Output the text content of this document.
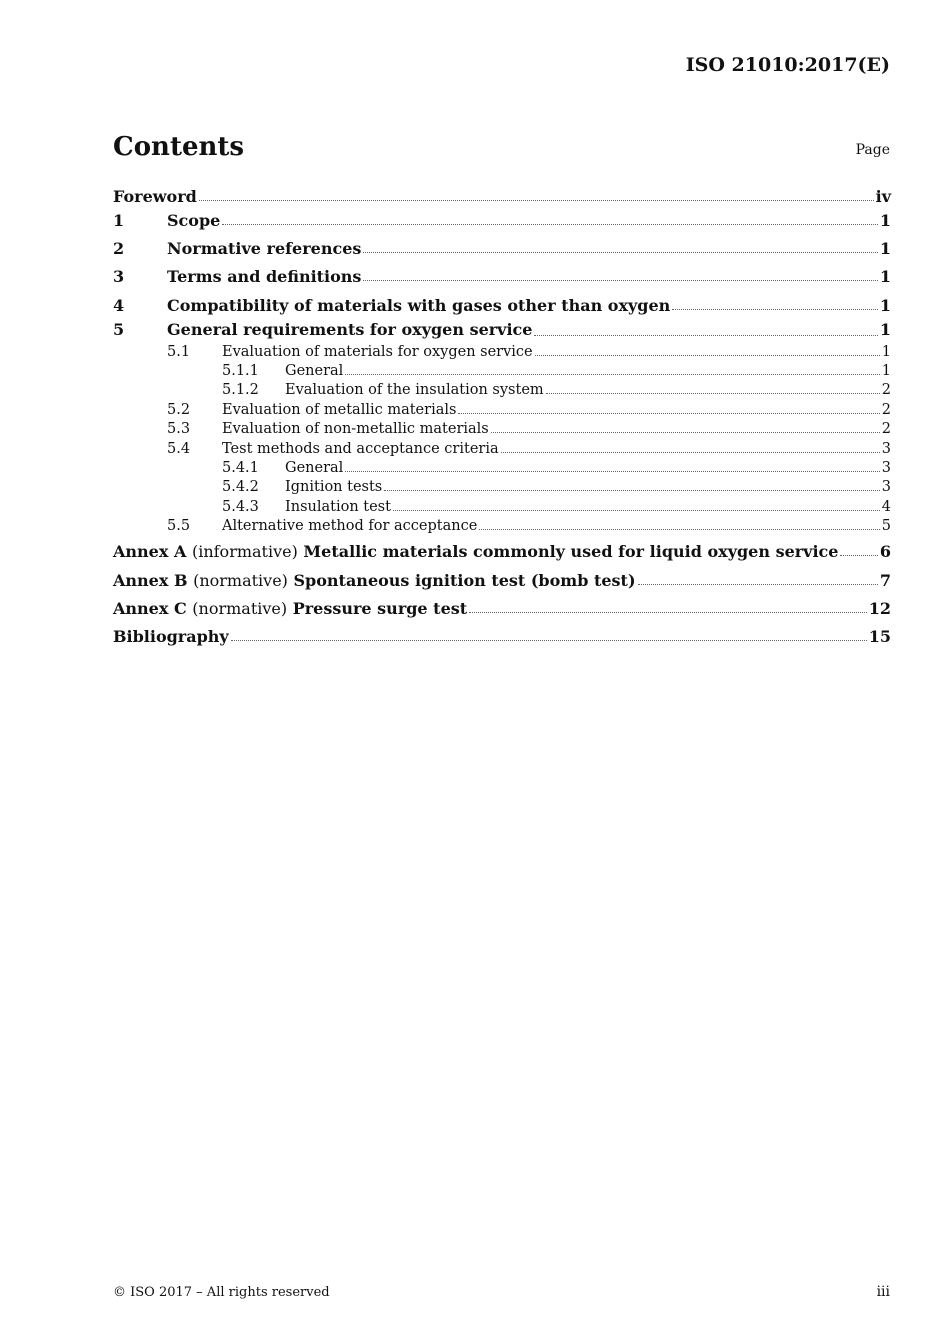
ISO 21010:2017(E)
Contents	Page
Foreword	iv
1	Scope	1
2	Normative references	1
3	Terms and definitions	1
4	Compatibility of materials with gases other than oxygen	1
5	General requirements for oxygen service	1
5.1	Evaluation of materials for oxygen service	1
5.1.1	General	1
5.1.2	Evaluation of the insulation system	2
5.2	Evaluation of metallic materials	2
5.3	Evaluation of non-metallic materials	2
5.4	Test methods and acceptance criteria	3
5.4.1	General	3
5.4.2	Ignition tests	3
5.4.3	Insulation test	4
5.5	Alternative method for acceptance	5
Annex A (informative) Metallic materials commonly used for liquid oxygen service	6
Annex B (normative) Spontaneous ignition test (bomb test)	7
Annex C (normative) Pressure surge test	12
Bibliography	15
© ISO 2017 – All rights reserved	iii
